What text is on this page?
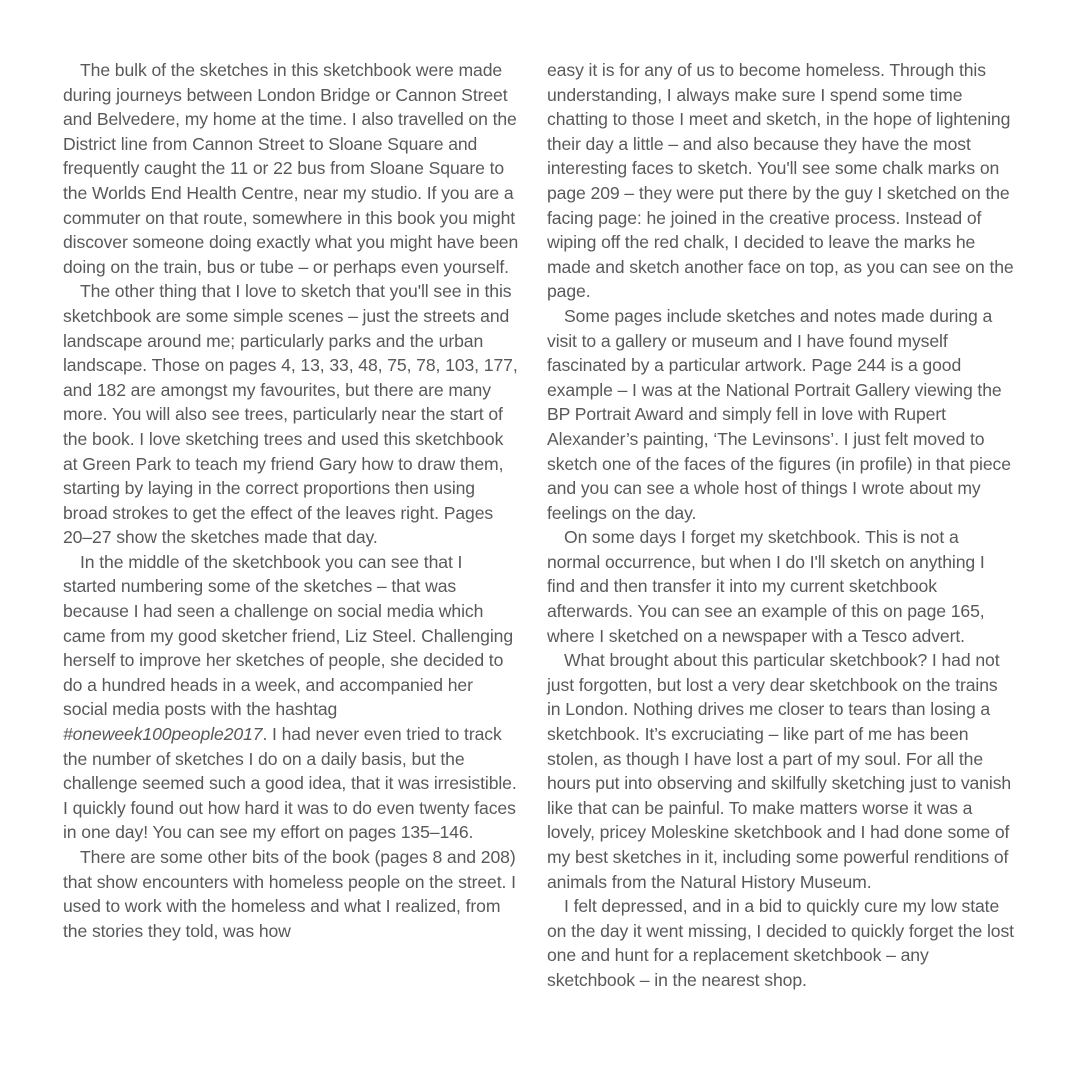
The bulk of the sketches in this sketchbook were made during journeys between London Bridge or Cannon Street and Belvedere, my home at the time. I also travelled on the District line from Cannon Street to Sloane Square and frequently caught the 11 or 22 bus from Sloane Square to the Worlds End Health Centre, near my studio. If you are a commuter on that route, somewhere in this book you might discover someone doing exactly what you might have been doing on the train, bus or tube – or perhaps even yourself.

The other thing that I love to sketch that you'll see in this sketchbook are some simple scenes – just the streets and landscape around me; particularly parks and the urban landscape. Those on pages 4, 13, 33, 48, 75, 78, 103, 177, and 182 are amongst my favourites, but there are many more. You will also see trees, particularly near the start of the book. I love sketching trees and used this sketchbook at Green Park to teach my friend Gary how to draw them, starting by laying in the correct proportions then using broad strokes to get the effect of the leaves right. Pages 20–27 show the sketches made that day.

In the middle of the sketchbook you can see that I started numbering some of the sketches – that was because I had seen a challenge on social media which came from my good sketcher friend, Liz Steel. Challenging herself to improve her sketches of people, she decided to do a hundred heads in a week, and accompanied her social media posts with the hashtag #oneweek100people2017. I had never even tried to track the number of sketches I do on a daily basis, but the challenge seemed such a good idea, that it was irresistible. I quickly found out how hard it was to do even twenty faces in one day! You can see my effort on pages 135–146.

There are some other bits of the book (pages 8 and 208) that show encounters with homeless people on the street. I used to work with the homeless and what I realized, from the stories they told, was how

easy it is for any of us to become homeless. Through this understanding, I always make sure I spend some time chatting to those I meet and sketch, in the hope of lightening their day a little – and also because they have the most interesting faces to sketch. You'll see some chalk marks on page 209 – they were put there by the guy I sketched on the facing page: he joined in the creative process. Instead of wiping off the red chalk, I decided to leave the marks he made and sketch another face on top, as you can see on the page.

Some pages include sketches and notes made during a visit to a gallery or museum and I have found myself fascinated by a particular artwork. Page 244 is a good example – I was at the National Portrait Gallery viewing the BP Portrait Award and simply fell in love with Rupert Alexander’s painting, ‘The Levinsons’. I just felt moved to sketch one of the faces of the figures (in profile) in that piece and you can see a whole host of things I wrote about my feelings on the day.

On some days I forget my sketchbook. This is not a normal occurrence, but when I do I'll sketch on anything I find and then transfer it into my current sketchbook afterwards. You can see an example of this on page 165, where I sketched on a newspaper with a Tesco advert.

What brought about this particular sketchbook? I had not just forgotten, but lost a very dear sketchbook on the trains in London. Nothing drives me closer to tears than losing a sketchbook. It’s excruciating – like part of me has been stolen, as though I have lost a part of my soul. For all the hours put into observing and skilfully sketching just to vanish like that can be painful. To make matters worse it was a lovely, pricey Moleskine sketchbook and I had done some of my best sketches in it, including some powerful renditions of animals from the Natural History Museum.

I felt depressed, and in a bid to quickly cure my low state on the day it went missing, I decided to quickly forget the lost one and hunt for a replacement sketchbook – any sketchbook – in the nearest shop.
